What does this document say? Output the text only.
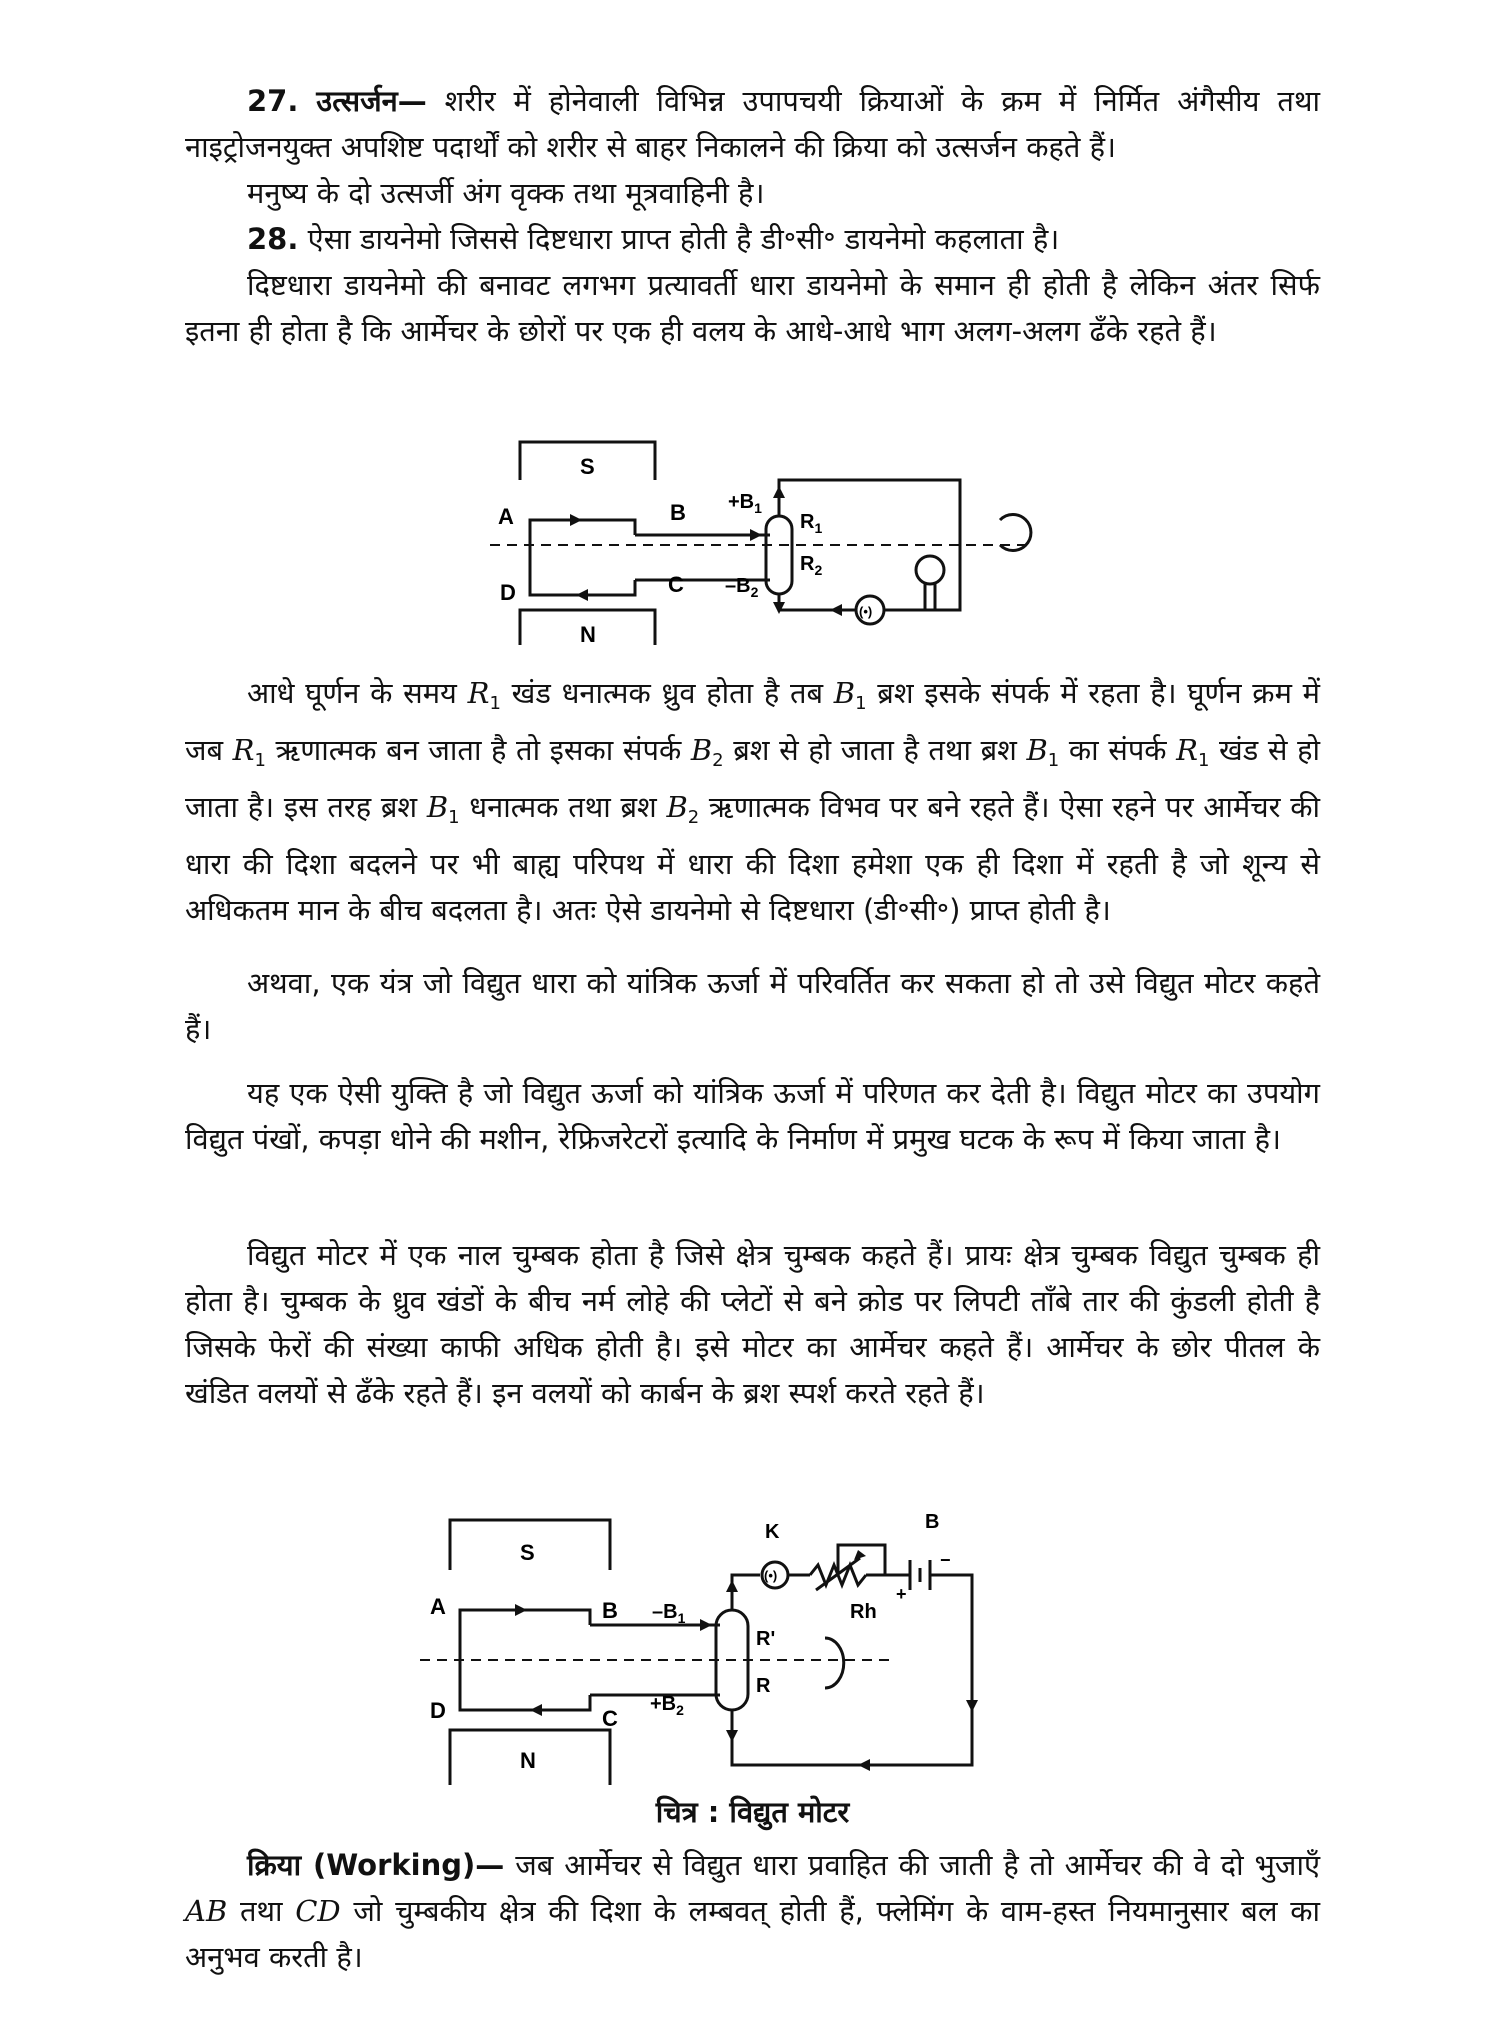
27. उत्सर्जन— शरीर में होनेवाली विभिन्न उपापचयी क्रियाओं के क्रम में निर्मित अंगैसीय तथा नाइट्रोजनयुक्त अपशिष्ट पदार्थों को शरीर से बाहर निकालने की क्रिया को उत्सर्जन कहते हैं।

मनुष्य के दो उत्सर्जी अंग वृक्क तथा मूत्रवाहिनी है।

28. ऐसा डायनेमो जिससे दिष्टधारा प्राप्त होती है डी॰सी॰ डायनेमो कहलाता है।

दिष्टधारा डायनेमो की बनावट लगभग प्रत्यावर्ती धारा डायनेमो के समान ही होती है लेकिन अंतर सिर्फ इतना ही होता है कि आर्मेचर के छोरों पर एक ही वलय के आधे-आधे भाग अलग-अलग ढँके रहते हैं।

S
N
A	B
C
D
$+B_1$
$-B_2$
$R_1$
$R_2$
(•)

आधे घूर्णन के समय $R_1$ खंड धनात्मक ध्रुव होता है तब $B_1$ ब्रश इसके संपर्क में रहता है। घूर्णन क्रम में जब $R_1$ ऋणात्मक बन जाता है तो इसका संपर्क $B_2$ ब्रश से हो जाता है तथा ब्रश $B_1$ का संपर्क $R_1$ खंड से हो जाता है। इस तरह ब्रश $B_1$ धनात्मक तथा ब्रश $B_2$ ऋणात्मक विभव पर बने रहते हैं। ऐसा रहने पर आर्मेचर की धारा की दिशा बदलने पर भी बाह्य परिपथ में धारा की दिशा हमेशा एक ही दिशा में रहती है जो शून्य से अधिकतम मान के बीच बदलता है। अतः ऐसे डायनेमो से दिष्टधारा (डी॰सी॰) प्राप्त होती है।

अथवा, एक यंत्र जो विद्युत धारा को यांत्रिक ऊर्जा में परिवर्तित कर सकता हो तो उसे विद्युत मोटर कहते हैं।

यह एक ऐसी युक्ति है जो विद्युत ऊर्जा को यांत्रिक ऊर्जा में परिणत कर देती है। विद्युत मोटर का उपयोग विद्युत पंखों, कपड़ा धोने की मशीन, रेफ्रिजरेटरों इत्यादि के निर्माण में प्रमुख घटक के रूप में किया जाता है।

विद्युत मोटर में एक नाल चुम्बक होता है जिसे क्षेत्र चुम्बक कहते हैं। प्रायः क्षेत्र चुम्बक विद्युत चुम्बक ही होता है। चुम्बक के ध्रुव खंडों के बीच नर्म लोहे की प्लेटों से बने क्रोड पर लिपटी ताँबे तार की कुंडली होती है जिसके फेरों की संख्या काफी अधिक होती है। इसे मोटर का आर्मेचर कहते हैं। आर्मेचर के छोर पीतल के खंडित वलयों से ढँके रहते हैं। इन वलयों को कार्बन के ब्रश स्पर्श करते रहते हैं।

S
N
A	B
C
D
$-B_1$
$+B_2$
R'
R
K	B
Rh
(•)
+
−
चित्र : विद्युत मोटर

क्रिया (Working)— जब आर्मेचर से विद्युत धारा प्रवाहित की जाती है तो आर्मेचर की वे दो भुजाएँ AB तथा CD जो चुम्बकीय क्षेत्र की दिशा के लम्बवत् होती हैं, फ्लेमिंग के वाम-हस्त नियमानुसार बल का अनुभव करती है।
